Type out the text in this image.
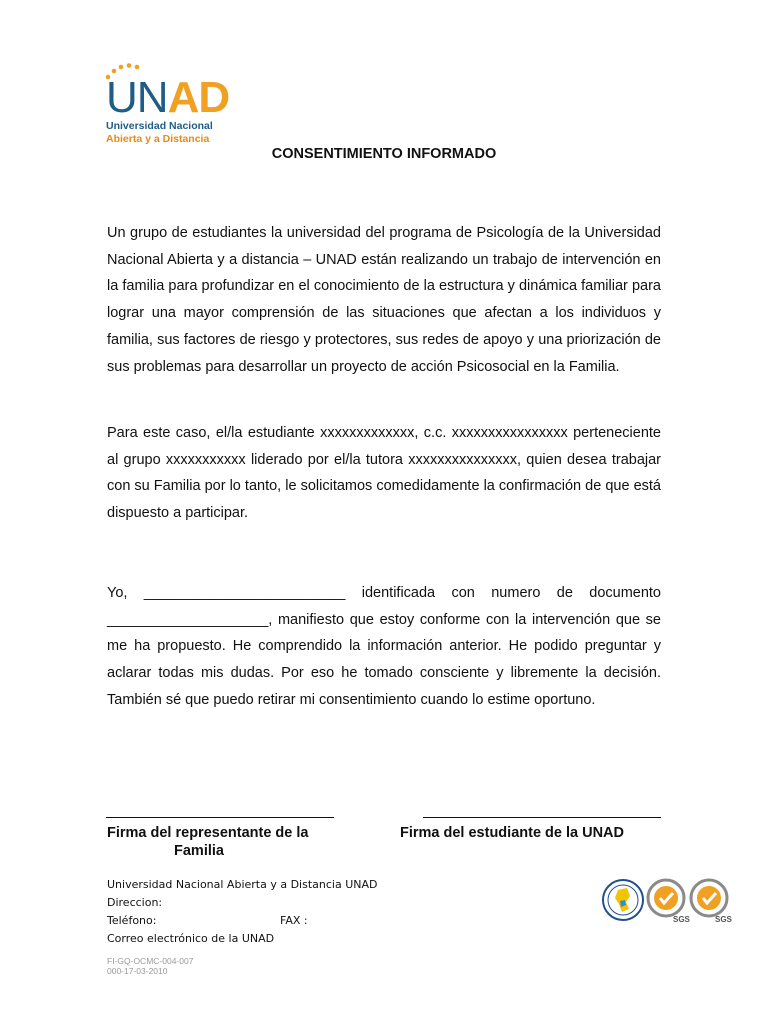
UNAD
Universidad Nacional
Abierta y a Distancia
CONSENTIMIENTO INFORMADO
Un grupo de estudiantes la universidad del programa de Psicología de la Universidad Nacional Abierta y a distancia – UNAD están realizando un trabajo de intervención en la familia para profundizar en el conocimiento de la estructura y dinámica familiar para lograr una mayor comprensión de las situaciones que afectan a los individuos y familia, sus factores de riesgo y protectores, sus redes de apoyo y una priorización de sus problemas para desarrollar un proyecto de acción Psicosocial en la Familia.
Para este caso, el/la estudiante xxxxxxxxxxxxx, c.c. xxxxxxxxxxxxxxxx perteneciente al grupo xxxxxxxxxxx liderado por el/la tutora xxxxxxxxxxxxxxx, quien desea trabajar con su Familia por lo tanto, le solicitamos comedidamente la confirmación de que está dispuesto a participar.
Yo, _________________________ identificada con numero de documento ____________________, manifiesto que estoy conforme con la intervención que se me ha propuesto. He comprendido la información anterior. He podido preguntar y aclarar todas mis dudas. Por eso he tomado consciente y libremente la decisión. También sé que puedo retirar mi consentimiento cuando lo estime oportuno.
Firma del representante de la
Familia
Firma del estudiante de la UNAD
Universidad Nacional Abierta y a Distancia UNAD
Direccion:
Teléfono:	FAX :
Correo electrónico de la UNAD
FI-GQ-OCMC-004-007
000-17-03-2010
SGS	SGS
